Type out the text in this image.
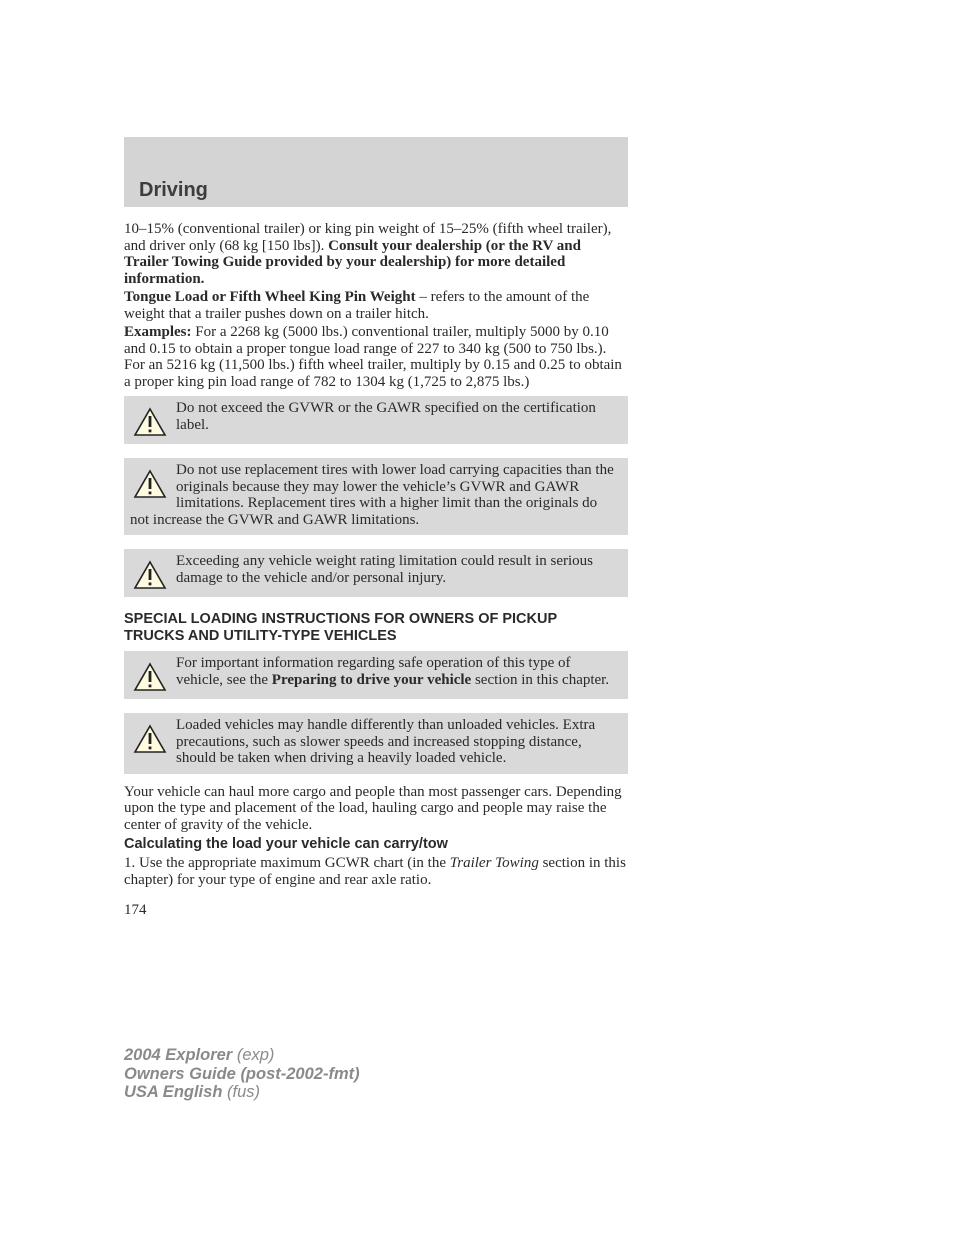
Driving

10–15% (conventional trailer) or king pin weight of 15–25% (fifth wheel trailer), and driver only (68 kg [150 lbs]). Consult your dealership (or the RV and Trailer Towing Guide provided by your dealership) for more detailed information.

Tongue Load or Fifth Wheel King Pin Weight – refers to the amount of the weight that a trailer pushes down on a trailer hitch.

Examples: For a 2268 kg (5000 lbs.) conventional trailer, multiply 5000 by 0.10 and 0.15 to obtain a proper tongue load range of 227 to 340 kg (500 to 750 lbs.). For an 5216 kg (11,500 lbs.) fifth wheel trailer, multiply by 0.15 and 0.25 to obtain a proper king pin load range of 782 to 1304 kg (1,725 to 2,875 lbs.)

Do not exceed the GVWR or the GAWR specified on the certification label.
Do not use replacement tires with lower load carrying capacities than the originals because they may lower the vehicle’s GVWR and GAWR limitations. Replacement tires with a higher limit than the originals do not increase the GVWR and GAWR limitations.
Exceeding any vehicle weight rating limitation could result in serious damage to the vehicle and/or personal injury.
SPECIAL LOADING INSTRUCTIONS FOR OWNERS OF PICKUP
TRUCKS AND UTILITY-TYPE VEHICLES
For important information regarding safe operation of this type of vehicle, see the Preparing to drive your vehicle section in this chapter.
Loaded vehicles may handle differently than unloaded vehicles. Extra precautions, such as slower speeds and increased stopping distance, should be taken when driving a heavily loaded vehicle.

Your vehicle can haul more cargo and people than most passenger cars. Depending upon the type and placement of the load, hauling cargo and people may raise the center of gravity of the vehicle.

Calculating the load your vehicle can carry/tow

1. Use the appropriate maximum GCWR chart (in the Trailer Towing section in this chapter) for your type of engine and rear axle ratio.

174

2004 Explorer (exp)
Owners Guide (post-2002-fmt)
USA English (fus)
